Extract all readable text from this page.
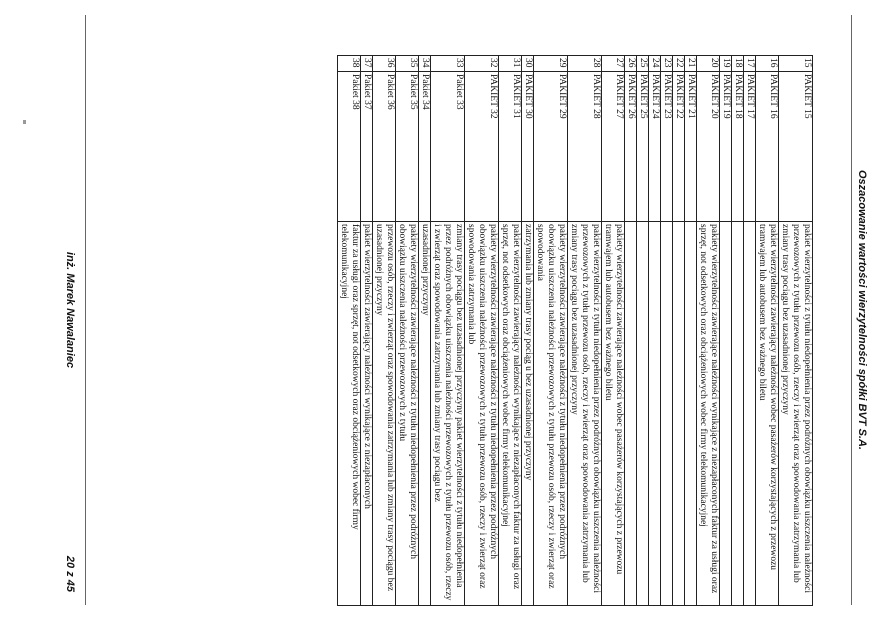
Oszacowanie wartości wierzytelności spółki BVT S.A.
15	PAKIET 15	pakiet wierzytelności z tytułu niedopełnienia przez podróżnych obowiązku uiszczenia należności przewozowych z tytułu przewozu osób, rzeczy i zwierząt oraz spowodowania zatrzymania lub zmiany trasy pociągu bez uzasadnionej przyczyny
16	PAKIET 16	pakiet wierzytelności zawierający należności wobec pasażerów korzystających z przewozu tramwajem lub autobusem bez ważnego biletu
17	PAKIET 17	
18	PAKIET 18	
19	PAKIET 19	
20	PAKIET 20	pakiety wierzytelności zawierające należności wynikające z niezapłaconych faktur za usługi oraz sprzęt, not odsetkowych oraz obciążeniowych wobec firmy telekomunikacyjnej
21	PAKIET 21	
22	PAKIET 22	
23	PAKIET 23	
24	PAKIET 24	
25	PAKIET 25	
26	PAKIET 26	
27	PAKIET 27	pakiety wierzytelności zawierające należności wobec pasażerów korzystających z przewozu tramwajem lub autobusem bez ważnego biletu
28	PAKIET 28	pakiet wierzytelności z tytułu niedopełnienia przez podróżnych obowiązku uiszczenia należności przewozowych z tytułu przewozu osób, rzeczy i zwierząt oraz spowodowania zatrzymania lub zmiany trasy pociągu bez uzasadnionej przyczyny
29	PAKIET 29	pakiety wierzytelności zawierające należności z tytułu niedopełnienia przez podróżnych obowiązku uiszczenia należności przewozowych z tytułu przewozu osób, rzeczy i zwierząt oraz spowodowania
30	PAKIET 30	zatrzymania lub zmiany trasy pociąg u bez uzasadnionej przyczyny
31	PAKIET 31	pakiet wierzytelności zawierający należności wynikające z niezapłaconych faktur za usługi oraz sprzęt, not odsetkowych oraz obciążeniowych wobec firmy telekomunikacyjnej
32	PAKIET 32	pakiety wierzytelności zawierające należności z tytułu niedopełnienia przez podróżnych obowiązku uiszczenia należności przewozowych z tytułu przewozu osób, rzeczy i zwierząt oraz spowodowania zatrzymania lub
33	Pakiet 33	zmiany trasy pociągu bez uzasadnionej przyczyny pakiet wierzytelności z tytułu niedopełnienia przez podróżnych obowiązku uiszczenia należności przewozowych z tytułu przewozu osób, rzeczy i zwierząt oraz spowodowania zatrzymania lub zmiany trasy pociągu bez
34	Pakiet 34	uzasadnionej przyczyny
35	Pakiet 35	pakiety wierzytelności zawierające należności z tytułu niedopełnienia przez podróżnych obowiązku uiszczenia należności przewozowych z tytułu
36	Pakiet 36	przewozu osób, rzeczy i zwierząt oraz spowodowania zatrzymania lub zmiany trasy pociągu bez uzasadnionej przyczyny
37	Pakiet 37	pakiet wierzytelności zawierający należności wynikające z niezapłaconych
38	Pakiet 38	faktur za usługi oraz sprzęt, not odsetkowych oraz obciążeniowych wobec firmy telekomunikacyjnej
inż. Marek Nawalaniec
20 z 45
